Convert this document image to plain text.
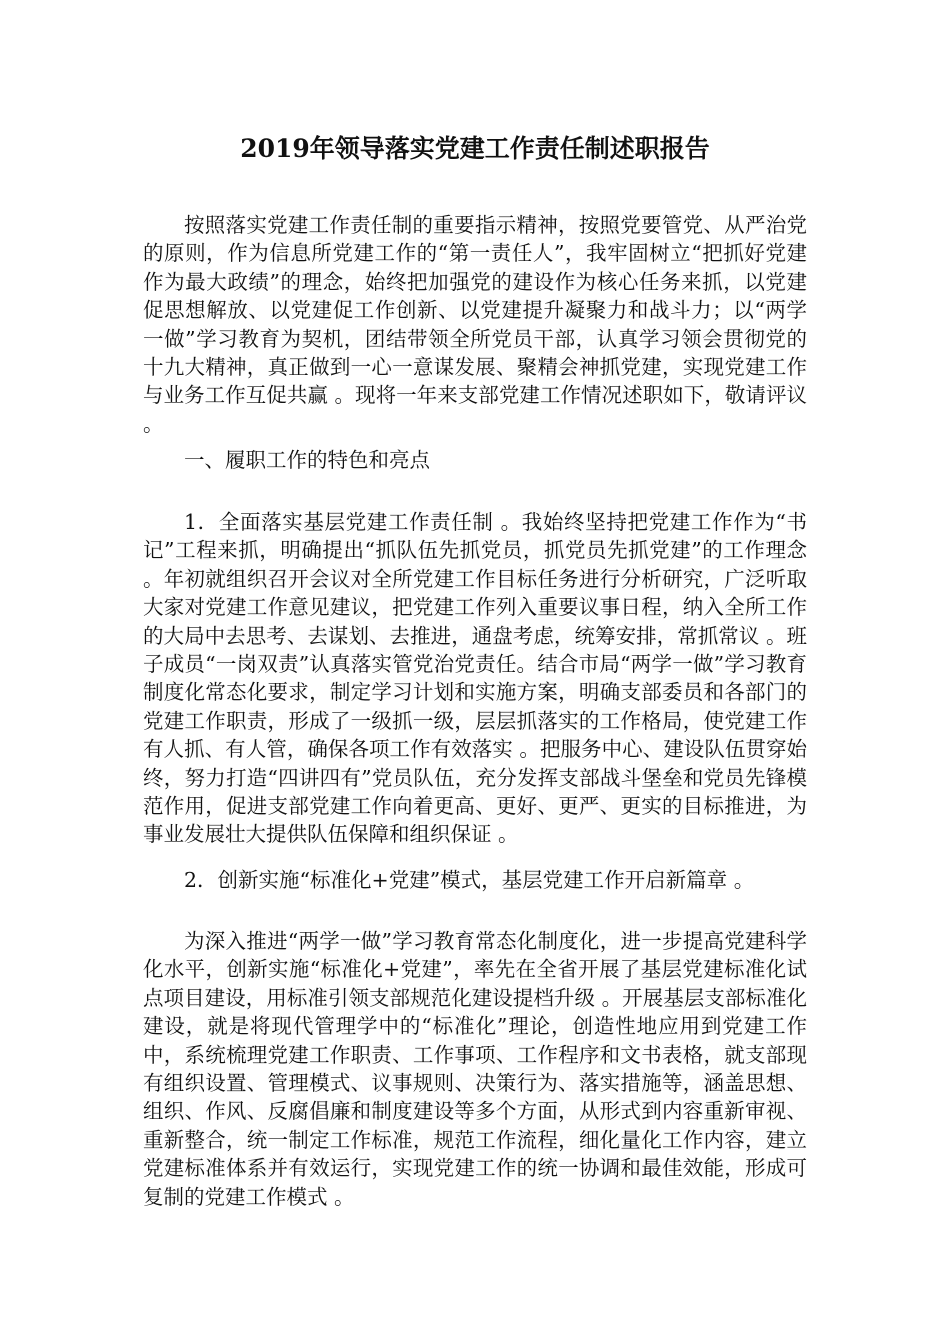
2019年领导落实党建工作责任制述职报告

按照落实党建工作责任制的重要指示精神，按照党要管党、从严治党的原则，作为信息所党建工作的“第一责任人”，我牢固树立“把抓好党建作为最大政绩”的理念，始终把加强党的建设作为核心任务来抓，以党建促思想解放、以党建促工作创新、以党建提升凝聚力和战斗力；以“两学一做”学习教育为契机，团结带领全所党员干部，认真学习领会贯彻党的十九大精神，真正做到一心一意谋发展、聚精会神抓党建，实现党建工作与业务工作互促共赢 。现将一年来支部党建工作情况述职如下，敬请评议 。

一、履职工作的特色和亮点

1．全面落实基层党建工作责任制 。我始终坚持把党建工作作为“书记”工程来抓，明确提出“抓队伍先抓党员，抓党员先抓党建”的工作理念 。年初就组织召开会议对全所党建工作目标任务进行分析研究，广泛听取大家对党建工作意见建议，把党建工作列入重要议事日程，纳入全所工作的大局中去思考、去谋划、去推进，通盘考虑，统筹安排，常抓常议 。班子成员“一岗双责”认真落实管党治党责任。结合市局“两学一做”学习教育制度化常态化要求，制定学习计划和实施方案，明确支部委员和各部门的党建工作职责，形成了一级抓一级，层层抓落实的工作格局，使党建工作有人抓、有人管，确保各项工作有效落实 。把服务中心、建设队伍贯穿始终，努力打造“四讲四有”党员队伍，充分发挥支部战斗堡垒和党员先锋模范作用，促进支部党建工作向着更高、更好、更严、更实的目标推进，为事业发展壮大提供队伍保障和组织保证 。

2．创新实施“标准化+党建”模式，基层党建工作开启新篇章 。

为深入推进“两学一做”学习教育常态化制度化，进一步提高党建科学化水平，创新实施“标准化+党建”，率先在全省开展了基层党建标准化试点项目建设，用标准引领支部规范化建设提档升级 。开展基层支部标准化建设，就是将现代管理学中的“标准化”理论，创造性地应用到党建工作中，系统梳理党建工作职责、工作事项、工作程序和文书表格，就支部现有组织设置、管理模式、议事规则、决策行为、落实措施等，涵盖思想、组织、作风、反腐倡廉和制度建设等多个方面，从形式到内容重新审视、重新整合，统一制定工作标准，规范工作流程，细化量化工作内容，建立党建标准体系并有效运行，实现党建工作的统一协调和最佳效能，形成可复制的党建工作模式 。
